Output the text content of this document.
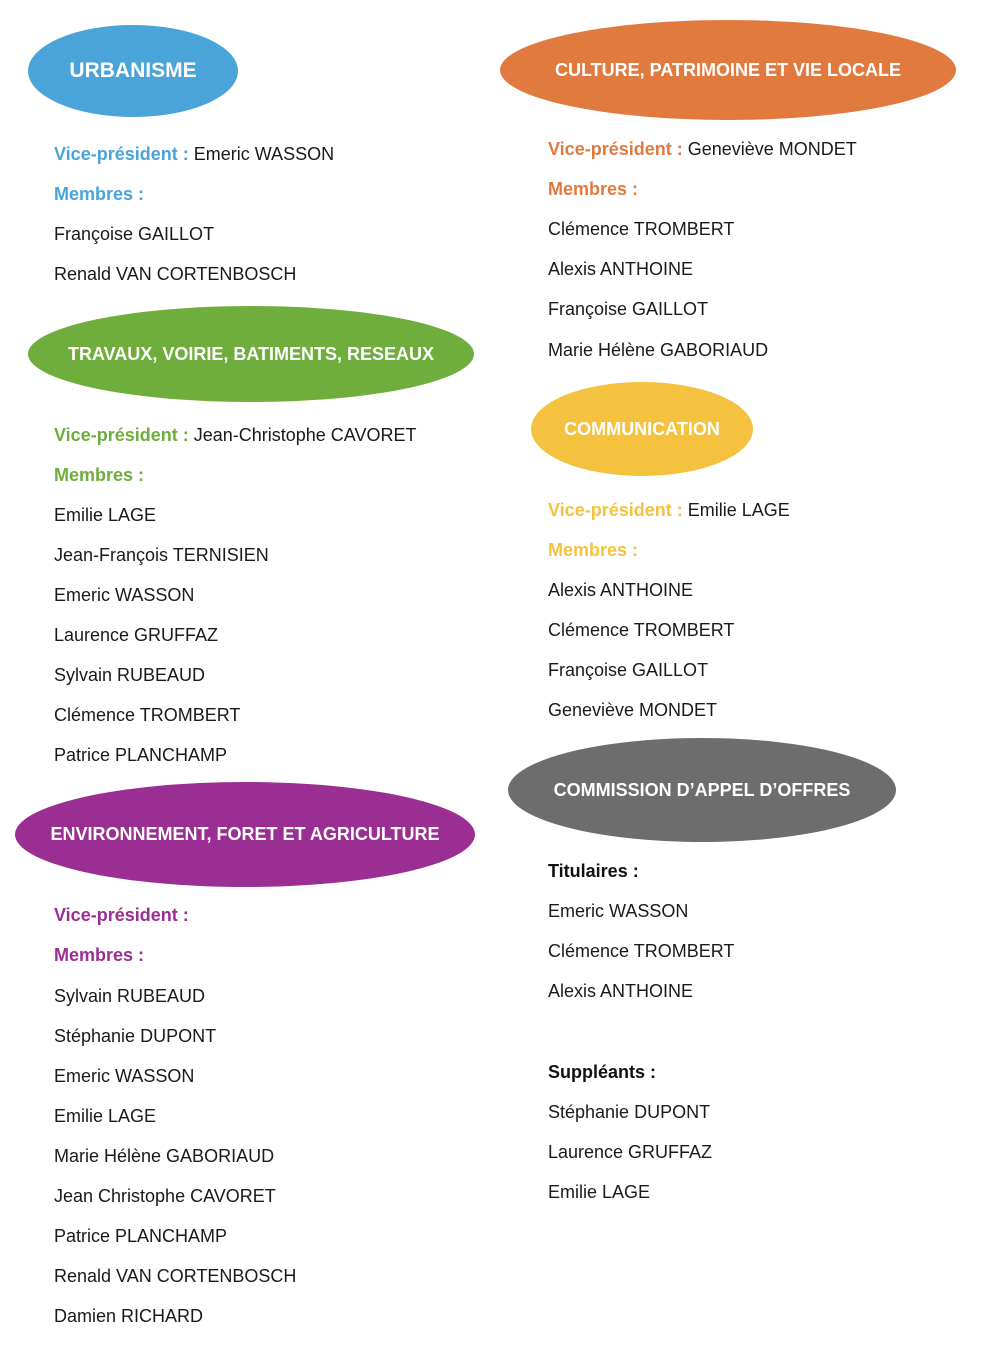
URBANISME
Vice-président : Emeric WASSON
Membres :
Françoise GAILLOT
Renald VAN CORTENBOSCH
TRAVAUX, VOIRIE, BATIMENTS, RESEAUX
Vice-président : Jean-Christophe CAVORET
Membres :
Emilie LAGE
Jean-François TERNISIEN
Emeric WASSON
Laurence GRUFFAZ
Sylvain RUBEAUD
Clémence TROMBERT
Patrice PLANCHAMP
ENVIRONNEMENT, FORET ET AGRICULTURE
Vice-président :
Membres :
Sylvain RUBEAUD
Stéphanie DUPONT
Emeric WASSON
Emilie LAGE
Marie Hélène GABORIAUD
Jean Christophe CAVORET
Patrice PLANCHAMP
Renald VAN CORTENBOSCH
Damien RICHARD
CULTURE, PATRIMOINE ET VIE LOCALE
Vice-président : Geneviève MONDET
Membres :
Clémence TROMBERT
Alexis ANTHOINE
Françoise GAILLOT
Marie Hélène GABORIAUD
COMMUNICATION
Vice-président : Emilie LAGE
Membres :
Alexis ANTHOINE
Clémence TROMBERT
Françoise GAILLOT
Geneviève MONDET
COMMISSION D’APPEL D’OFFRES
Titulaires :
Emeric WASSON
Clémence TROMBERT
Alexis ANTHOINE
Suppléants :
Stéphanie DUPONT
Laurence GRUFFAZ
Emilie LAGE
